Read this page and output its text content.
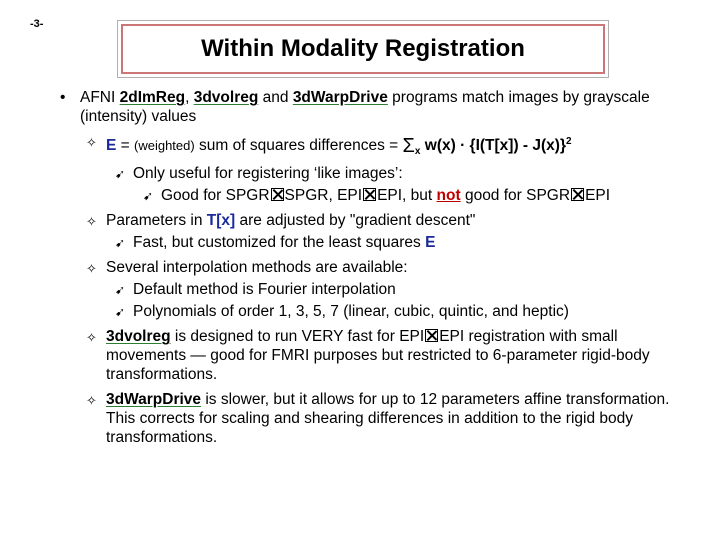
-3-
Within Modality Registration
• AFNI 2dImReg, 3dvolreg and 3dWarpDrive programs match images by grayscale (intensity) values
✧ E = (weighted) sum of squares differences = $\Sigma_x$ w(x) · {I(T[x]) - J(x)}$^2$
➹ Only useful for registering ‘like images’:
➹ Good for SPGR SPGR, EPI EPI, but not good for SPGR EPI
✧ Parameters in T[x] are adjusted by "gradient descent"
➹ Fast, but customized for the least squares E
✧ Several interpolation methods are available:
➹ Default method is Fourier interpolation
➹ Polynomials of order 1, 3, 5, 7 (linear, cubic, quintic, and heptic)
✧ 3dvolreg is designed to run VERY fast for EPI EPI registration with small movements — good for FMRI purposes but restricted to 6-parameter rigid-body transformations.
✧ 3dWarpDrive is slower, but it allows for up to 12 parameters affine transformation. This corrects for scaling and shearing differences in addition to the rigid body transformations.
